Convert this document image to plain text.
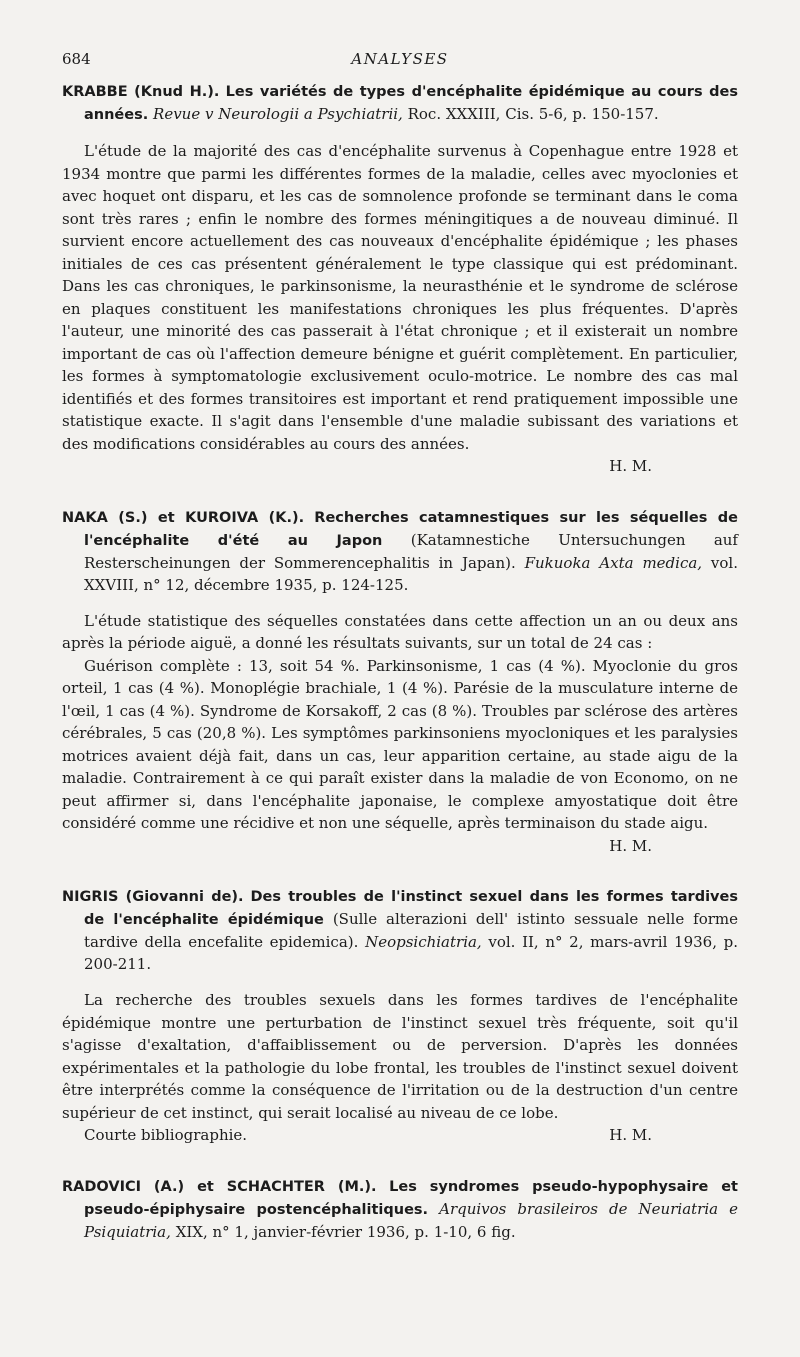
684	ANALYSES

KRABBE (Knud H.). Les variétés de types d'encéphalite épidémique au cours des années. Revue v Neurologii a Psychiatrii, Roc. XXXIII, Cis. 5-6, p. 150-157.

L'étude de la majorité des cas d'encéphalite survenus à Copenhague entre 1928 et 1934 montre que parmi les différentes formes de la maladie, celles avec myoclonies et avec hoquet ont disparu, et les cas de somnolence profonde se terminant dans le coma sont très rares ; enfin le nombre des formes méningitiques a de nouveau diminué. Il survient encore actuellement des cas nouveaux d'encéphalite épidémique ; les phases initiales de ces cas présentent généralement le type classique qui est prédominant. Dans les cas chroniques, le parkinsonisme, la neurasthénie et le syndrome de sclérose en plaques constituent les manifestations chroniques les plus fréquentes. D'après l'auteur, une minorité des cas passerait à l'état chronique ; et il existerait un nombre important de cas où l'affection demeure bénigne et guérit complètement. En particulier, les formes à symptomatologie exclusivement oculo-motrice. Le nombre des cas mal identifiés et des formes transitoires est important et rend pratiquement impossible une statistique exacte. Il s'agit dans l'ensemble d'une maladie subissant des variations et des modifications considérables au cours des années.

H. M.

NAKA (S.) et KUROIVA (K.). Recherches catamnestiques sur les séquelles de l'encéphalite d'été au Japon (Katamnestiche Untersuchungen auf Resterscheinungen der Sommerencephalitis in Japan). Fukuoka Axta medica, vol. XXVIII, n° 12, décembre 1935, p. 124-125.

L'étude statistique des séquelles constatées dans cette affection un an ou deux ans après la période aiguë, a donné les résultats suivants, sur un total de 24 cas :

Guérison complète : 13, soit 54 %. Parkinsonisme, 1 cas (4 %). Myoclonie du gros orteil, 1 cas (4 %). Monoplégie brachiale, 1 (4 %). Parésie de la musculature interne de l'œil, 1 cas (4 %). Syndrome de Korsakoff, 2 cas (8 %). Troubles par sclérose des artères cérébrales, 5 cas (20,8 %). Les symptômes parkinsoniens myocloniques et les paralysies motrices avaient déjà fait, dans un cas, leur apparition certaine, au stade aigu de la maladie. Contrairement à ce qui paraît exister dans la maladie de von Economo, on ne peut affirmer si, dans l'encéphalite japonaise, le complexe amyostatique doit être considéré comme une récidive et non une séquelle, après terminaison du stade aigu.

H. M.

NIGRIS (Giovanni de). Des troubles de l'instinct sexuel dans les formes tardives de l'encéphalite épidémique (Sulle alterazioni dell' istinto sessuale nelle forme tardive della encefalite epidemica). Neopsichiatria, vol. II, n° 2, mars-avril 1936, p. 200-211.

La recherche des troubles sexuels dans les formes tardives de l'encéphalite épidémique montre une perturbation de l'instinct sexuel très fréquente, soit qu'il s'agisse d'exaltation, d'affaiblissement ou de perversion. D'après les données expérimentales et la pathologie du lobe frontal, les troubles de l'instinct sexuel doivent être interprétés comme la conséquence de l'irritation ou de la destruction d'un centre supérieur de cet instinct, qui serait localisé au niveau de ce lobe.

Courte bibliographie.	H. M.

RADOVICI (A.) et SCHACHTER (M.). Les syndromes pseudo-hypophysaire et pseudo-épiphysaire postencéphalitiques. Arquivos brasileiros de Neuriatria e Psiquiatria, XIX, n° 1, janvier-février 1936, p. 1-10, 6 fig.
